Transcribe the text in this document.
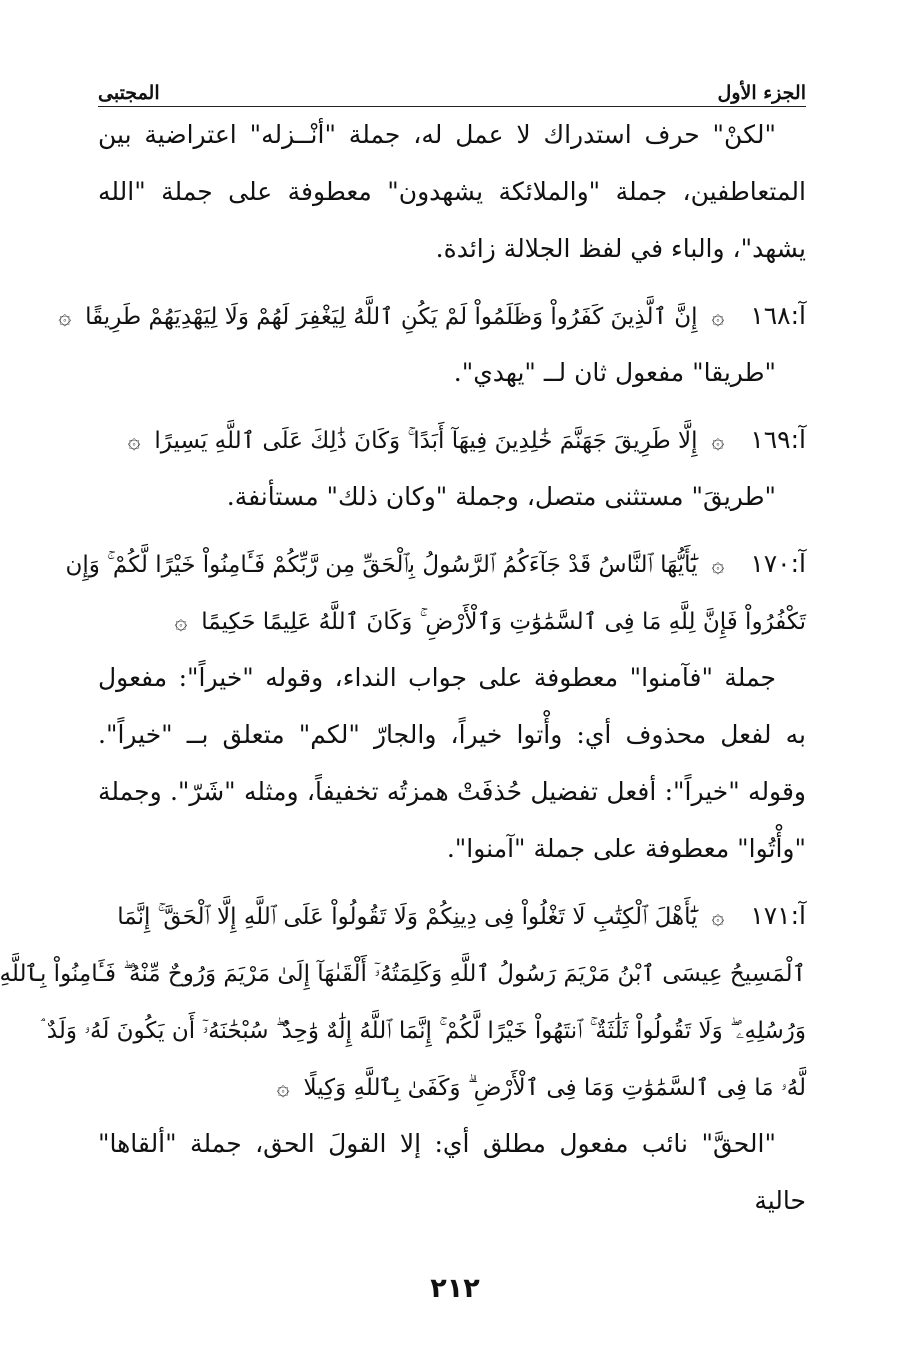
الجزء الأول
المجتبى

"لكنْ" حرف استدراك لا عمل له، جملة "أنْــزله" اعتراضية بين المتعاطفين، جملة "والملائكة يشهدون" معطوفة على جملة "الله يشهد"، والباء في لفظ الجلالة زائدة.

آ:١٦٨ ۞ إِنَّ ٱلَّذِينَ كَفَرُواْ وَظَلَمُواْ لَمْ يَكُنِ ٱللَّهُ لِيَغْفِرَ لَهُمْ وَلَا لِيَهْدِيَهُمْ طَرِيقًا ۞

"طريقا" مفعول ثان لــ "يهدي".

آ:١٦٩ ۞ إِلَّا طَرِيقَ جَهَنَّمَ خَٰلِدِينَ فِيهَآ أَبَدًا ۚ وَكَانَ ذَٰلِكَ عَلَى ٱللَّهِ يَسِيرًا ۞

"طريقَ" مستثنى متصل، وجملة "وكان ذلك" مستأنفة.

آ:١٧٠ ۞ يَٰٓأَيُّهَا ٱلنَّاسُ قَدْ جَآءَكُمُ ٱلرَّسُولُ بِٱلْحَقِّ مِن رَّبِّكُمْ فَـَٔامِنُواْ خَيْرًا لَّكُمْ ۚ وَإِن
تَكْفُرُواْ فَإِنَّ لِلَّهِ مَا فِى ٱلسَّمَٰوَٰتِ وَٱلْأَرْضِ ۚ وَكَانَ ٱللَّهُ عَلِيمًا حَكِيمًا ۞

جملة "فآمنوا" معطوفة على جواب النداء، وقوله "خيراً": مفعول به لفعل محذوف أي: وأْتوا خيراً، والجارّ "لكم" متعلق بــ "خيراً". وقوله "خيراً": أفعل تفضيل حُذفَتْ همزتُه تخفيفاً، ومثله "شَرّ". وجملة "وأْتُوا" معطوفة على جملة "آمنوا".

آ:١٧١ ۞ يَٰٓأَهْلَ ٱلْكِتَٰبِ لَا تَغْلُواْ فِى دِينِكُمْ وَلَا تَقُولُواْ عَلَى ٱللَّهِ إِلَّا ٱلْحَقَّ ۚ إِنَّمَا
ٱلْمَسِيحُ عِيسَى ٱبْنُ مَرْيَمَ رَسُولُ ٱللَّهِ وَكَلِمَتُهُۥٓ أَلْقَىٰهَآ إِلَىٰ مَرْيَمَ وَرُوحٌ مِّنْهُ ۖ فَـَٔامِنُواْ بِٱللَّهِ
وَرُسُلِهِۦ ۖ وَلَا تَقُولُواْ ثَلَٰثَةٌ ۚ ٱنتَهُواْ خَيْرًا لَّكُمْ ۚ إِنَّمَا ٱللَّهُ إِلَٰهٌ وَٰحِدٌ ۖ سُبْحَٰنَهُۥٓ أَن يَكُونَ لَهُۥ وَلَدٌ ۘ
لَّهُۥ مَا فِى ٱلسَّمَٰوَٰتِ وَمَا فِى ٱلْأَرْضِ ۗ وَكَفَىٰ بِٱللَّهِ وَكِيلًا ۞

"الحقَّ" نائب مفعول مطلق أي: إلا القولَ الحق، جملة "ألقاها" حالية

٢١٢
